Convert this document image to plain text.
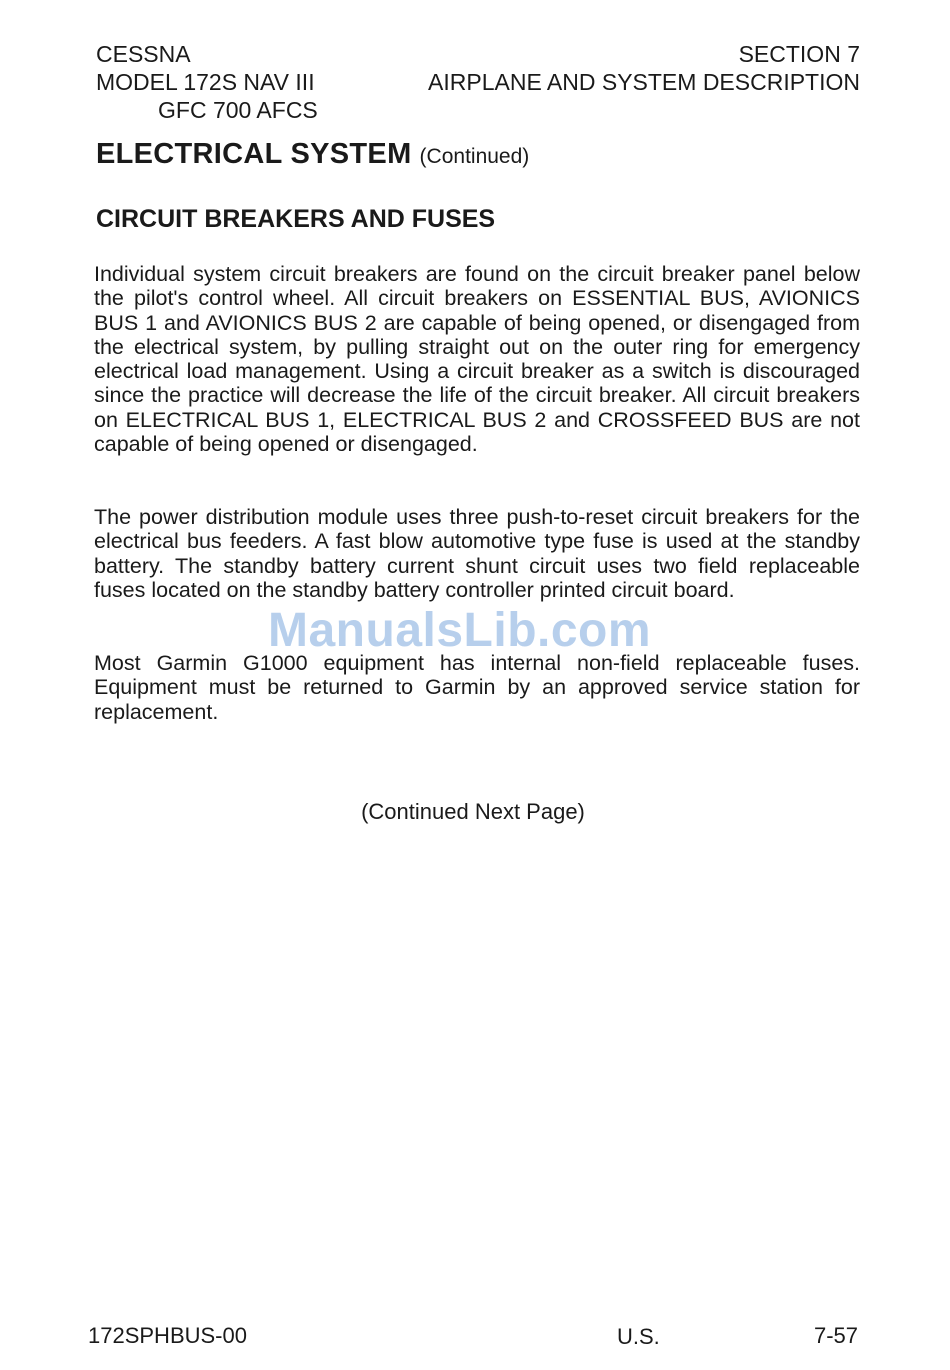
CESSNA
MODEL 172S NAV III
GFC 700 AFCS
SECTION 7
AIRPLANE AND SYSTEM DESCRIPTION
ELECTRICAL SYSTEM (Continued)
CIRCUIT BREAKERS AND FUSES

Individual system circuit breakers are found on the circuit breaker panel below the pilot's control wheel. All circuit breakers on ESSENTIAL BUS, AVIONICS BUS 1 and AVIONICS BUS 2 are capable of being opened, or disengaged from the electrical system, by pulling straight out on the outer ring for emergency electrical load management. Using a circuit breaker as a switch is discouraged since the practice will decrease the life of the circuit breaker. All circuit breakers on ELECTRICAL BUS 1, ELECTRICAL BUS 2 and CROSSFEED BUS are not capable of being opened or disengaged.

The power distribution module uses three push-to-reset circuit breakers for the electrical bus feeders. A fast blow automotive type fuse is used at the standby battery. The standby battery current shunt circuit uses two field replaceable fuses located on the standby battery controller printed circuit board.

Most Garmin G1000 equipment has internal non-field replaceable fuses. Equipment must be returned to Garmin by an approved service station for replacement.

ManualsLib.com
(Continued Next Page)
172SPHBUS-00	U.S.	7-57
